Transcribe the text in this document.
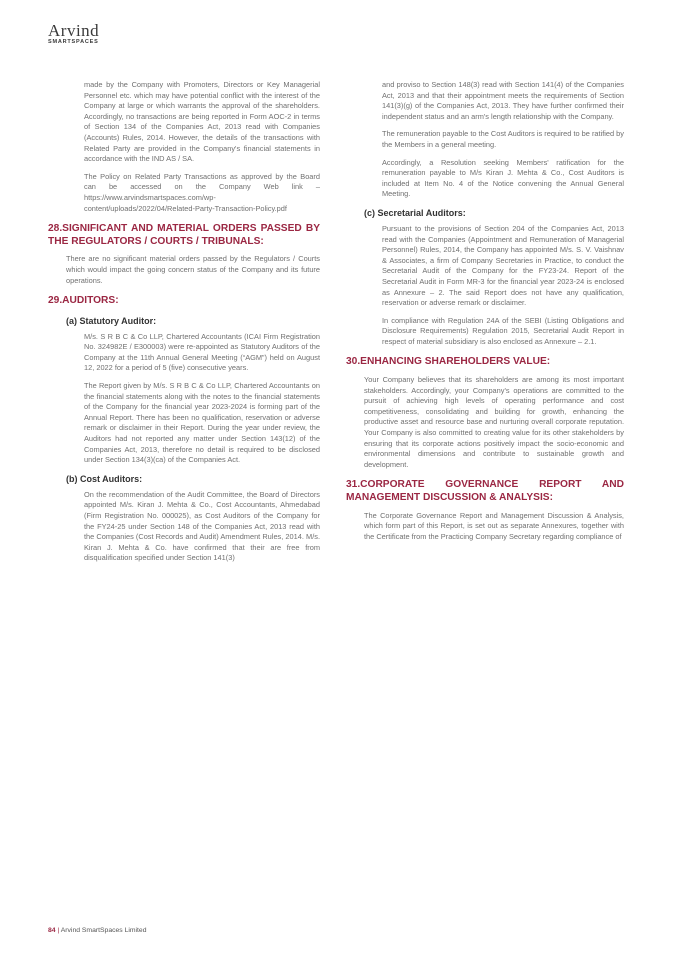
Arvind
SMARTSPACES

made by the Company with Promoters, Directors or Key Managerial Personnel etc. which may have potential conflict with the interest of the Company at large or which warrants the approval of the shareholders. Accordingly, no transactions are being reported in Form AOC-2 in terms of Section 134 of the Companies Act, 2013 read with Companies (Accounts) Rules, 2014. However, the details of the transactions with Related Party are provided in the Company's financial statements in accordance with the IND AS / SA.

The Policy on Related Party Transactions as approved by the Board can be accessed on the Company Web link – https://www.arvindsmartspaces.com/wp-content/uploads/2022/04/Related-Party-Transaction-Policy.pdf

28.SIGNIFICANT AND MATERIAL ORDERS PASSED BY THE REGULATORS / COURTS / TRIBUNALS:

There are no significant material orders passed by the Regulators / Courts which would impact the going concern status of the Company and its future operations.

29.AUDITORS:
(a) Statutory Auditor:

M/s. S R B C & Co LLP, Chartered Accountants (ICAI Firm Registration No. 324982E / E300003) were re-appointed as Statutory Auditors of the Company at the 11th Annual General Meeting (“AGM”) held on August 12, 2022 for a period of 5 (five) consecutive years.

The Report given by M/s. S R B C & Co LLP, Chartered Accountants on the financial statements along with the notes to the financial statements of the Company for the financial year 2023-2024 is forming part of the Annual Report. There has been no qualification, reservation or adverse remark or disclaimer in their Report. During the year under review, the Auditors had not reported any matter under Section 143(12) of the Companies Act, 2013, therefore no detail is required to be disclosed under Section 134(3)(ca) of the Companies Act.

(b) Cost Auditors:

On the recommendation of the Audit Committee, the Board of Directors appointed M/s. Kiran J. Mehta & Co., Cost Accountants, Ahmedabad (Firm Registration No. 000025), as Cost Auditors of the Company for the FY24-25 under Section 148 of the Companies Act, 2013 read with the Companies (Cost Records and Audit) Amendment Rules, 2014. M/s. Kiran J. Mehta & Co. have confirmed that their are free from disqualification specified under Section 141(3)

and proviso to Section 148(3) read with Section 141(4) of the Companies Act, 2013 and that their appointment meets the requirements of Section 141(3)(g) of the Companies Act, 2013. They have further confirmed their independent status and an arm's length relationship with the Company.

The remuneration payable to the Cost Auditors is required to be ratified by the Members in a general meeting.

Accordingly, a Resolution seeking Members' ratification for the remuneration payable to M/s Kiran J. Mehta & Co., Cost Auditors is included at Item No. 4 of the Notice convening the Annual General Meeting.

(c) Secretarial Auditors:

Pursuant to the provisions of Section 204 of the Companies Act, 2013 read with the Companies (Appointment and Remuneration of Managerial Personnel) Rules, 2014, the Company has appointed M/s. S. V. Vaishnav & Associates, a firm of Company Secretaries in Practice, to conduct the Secretarial Audit of the Company for the FY23-24. Report of the Secretarial Audit in Form MR-3 for the financial year 2023-24 is enclosed as Annexure – 2. The said Report does not have any qualification, reservation or adverse remark or disclaimer.

In compliance with Regulation 24A of the SEBI (Listing Obligations and Disclosure Requirements) Regulation 2015, Secretarial Audit Report in respect of material subsidiary is also enclosed as Annexure – 2.1.

30.ENHANCING SHAREHOLDERS VALUE:

Your Company believes that its shareholders are among its most important stakeholders. Accordingly, your Company's operations are committed to the pursuit of achieving high levels of operating performance and cost competitiveness, consolidating and building for growth, enhancing the productive asset and resource base and nurturing overall corporate reputation. Your Company is also committed to creating value for its other stakeholders by ensuring that its corporate actions positively impact the socio-economic and environmental dimensions and contribute to sustainable growth and development.

31.CORPORATE GOVERNANCE REPORT AND MANAGEMENT DISCUSSION & ANALYSIS:

The Corporate Governance Report and Management Discussion & Analysis, which form part of this Report, is set out as separate Annexures, together with the Certificate from the Practicing Company Secretary regarding compliance of

84 | Arvind SmartSpaces Limited
